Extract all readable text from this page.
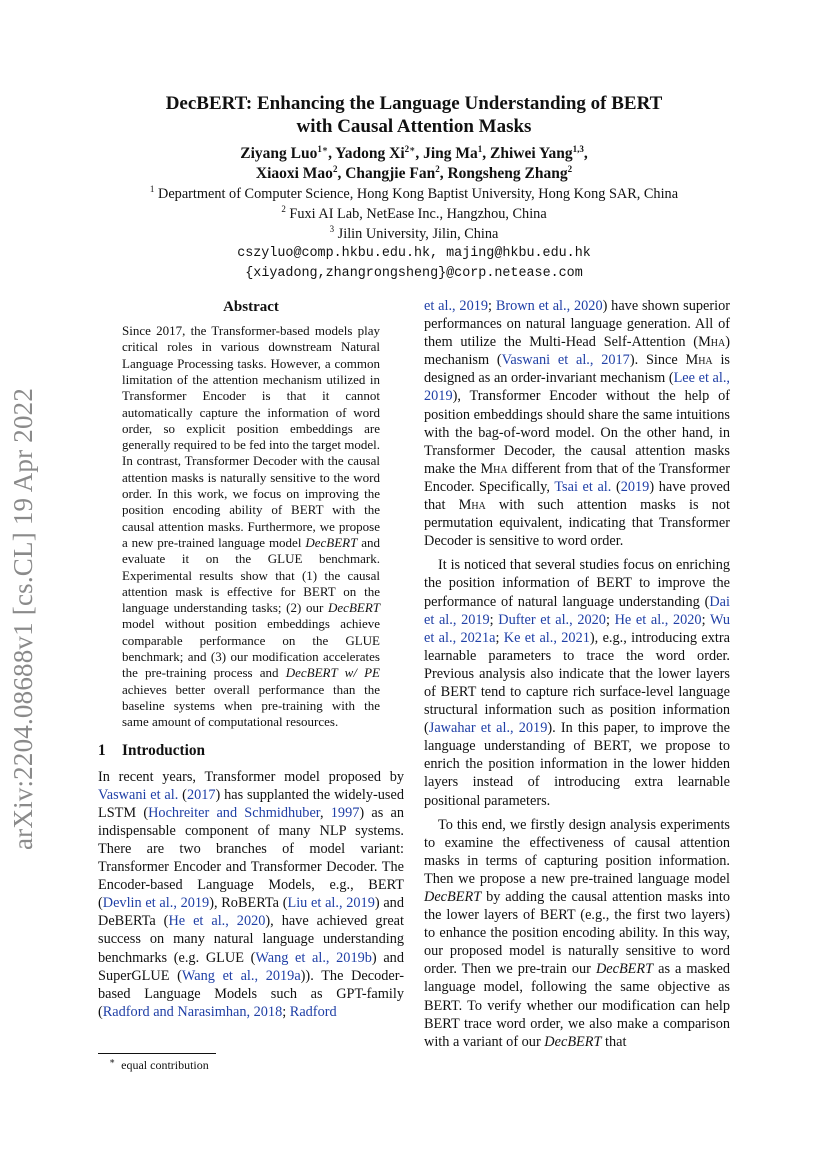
arXiv:2204.08688v1 [cs.CL] 19 Apr 2022
DecBERT: Enhancing the Language Understanding of BERT
with Causal Attention Masks
Ziyang Luo$^{1∗}$, Yadong $Xi^{2∗}$, Jing Ma$^1$, Zhiwei Yang$^{1,3}$,
Xiaoxi Mao$^2$, Changjie Fan$^2$, Rongsheng Zhang$^2$
$^1$ Department of Computer Science, Hong Kong Baptist University, Hong Kong SAR, China
$^2$ Fuxi AI Lab, NetEase Inc., Hangzhou, China
$^3$ Jilin University, Jilin, China
cszyluo@comp.hkbu.edu.hk, majing@hkbu.edu.hk
{xiyadong,zhangrongsheng}@corp.netease.com
Abstract
Since 2017, the Transformer-based models play critical roles in various downstream Natural Language Processing tasks. However, a common limitation of the attention mechanism utilized in Transformer Encoder is that it cannot automatically capture the information of word order, so explicit position embeddings are generally required to be fed into the target model. In contrast, Transformer Decoder with the causal attention masks is naturally sensitive to the word order. In this work, we focus on improving the position encoding ability of BERT with the causal attention masks. Furthermore, we propose a new pre-trained language model DecBERT and evaluate it on the GLUE benchmark. Experimental results show that (1) the causal attention mask is effective for BERT on the language understanding tasks; (2) our DecBERT model without position embeddings achieve comparable performance on the GLUE benchmark; and (3) our modification accelerates the pre-training process and DecBERT w/ PE achieves better overall performance than the baseline systems when pre-training with the same amount of computational resources.
1 Introduction

In recent years, Transformer model proposed by Vaswani et al. (2017) has supplanted the widely-used LSTM (Hochreiter and Schmidhuber, 1997) as an indispensable component of many NLP systems. There are two branches of model variant: Transformer Encoder and Transformer Decoder. The Encoder-based Language Models, e.g., BERT (Devlin et al., 2019), RoBERTa (Liu et al., 2019) and DeBERTa (He et al., 2020), have achieved great success on many natural language understanding benchmarks (e.g. GLUE (Wang et al., 2019b) and SuperGLUE (Wang et al., 2019a)). The Decoder-based Language Models such as GPT-family (Radford and Narasimhan, 2018; Radford

et al., 2019; Brown et al., 2020) have shown superior performances on natural language generation. All of them utilize the Multi-Head Self-Attention (Mha) mechanism (Vaswani et al., 2017). Since Mha is designed as an order-invariant mechanism (Lee et al., 2019), Transformer Encoder without the help of position embeddings should share the same intuitions with the bag-of-word model. On the other hand, in Transformer Decoder, the causal attention masks make the Mha different from that of the Transformer Encoder. Specifically, Tsai et al. (2019) have proved that Mha with such attention masks is not permutation equivalent, indicating that Transformer Decoder is sensitive to word order.

It is noticed that several studies focus on enriching the position information of BERT to improve the performance of natural language understanding (Dai et al., 2019; Dufter et al., 2020; He et al., 2020; Wu et al., 2021a; Ke et al., 2021), e.g., introducing extra learnable parameters to trace the word order. Previous analysis also indicate that the lower layers of BERT tend to capture rich surface-level language structural information such as position information (Jawahar et al., 2019). In this paper, to improve the language understanding of BERT, we propose to enrich the position information in the lower hidden layers instead of introducing extra learnable positional parameters.

To this end, we firstly design analysis experiments to examine the effectiveness of causal attention masks in terms of capturing position information. Then we propose a new pre-trained language model DecBERT by adding the causal attention masks into the lower layers of BERT (e.g., the first two layers) to enhance the position encoding ability. In this way, our proposed model is naturally sensitive to word order. Then we pre-train our DecBERT as a masked language model, following the same objective as BERT. To verify whether our modification can help BERT trace word order, we also make a comparison with a variant of our DecBERT that

∗ equal contribution
